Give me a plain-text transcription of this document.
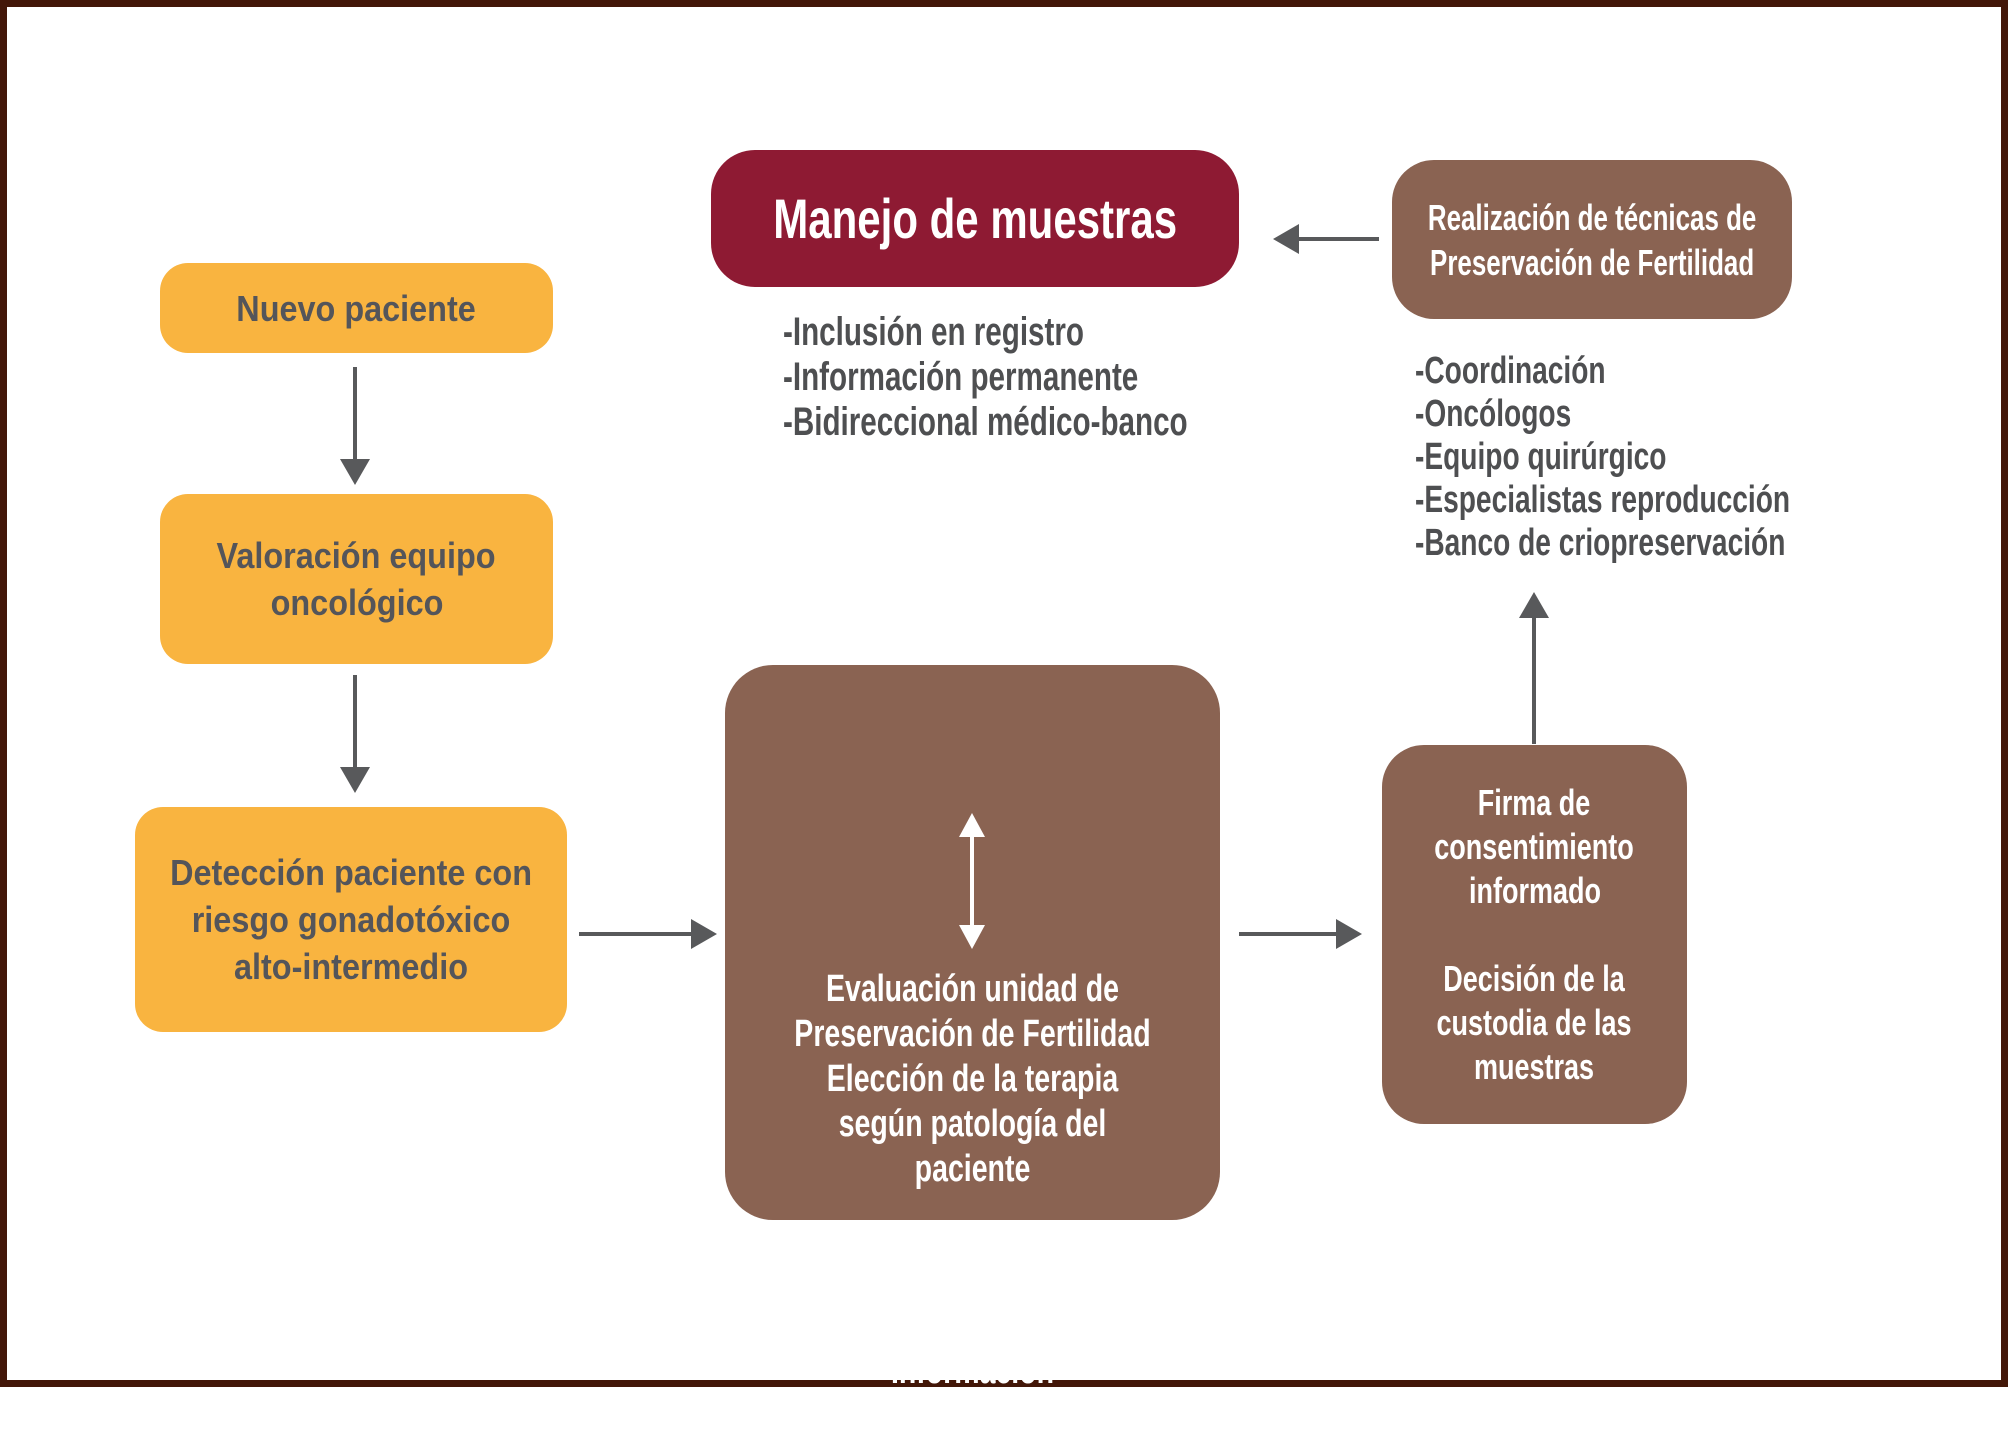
Nuevo paciente
Valoración equipo
oncológico
Detección paciente con
riesgo gonadotóxico
alto-intermedio
Información
paciente + familia
Evaluación unidad de
Preservación de Fertilidad
Elección de la terapia
según patología del
paciente
Firma de
consentimiento
informado
Decisión de la
custodia de las
muestras
Realización de técnicas de
Preservación de Fertilidad
-Coordinación
-Oncólogos
-Equipo quirúrgico
-Especialistas reproducción
-Banco de criopreservación
Manejo de muestras
-Inclusión en registro
-Información permanente
-Bidireccional médico-banco
